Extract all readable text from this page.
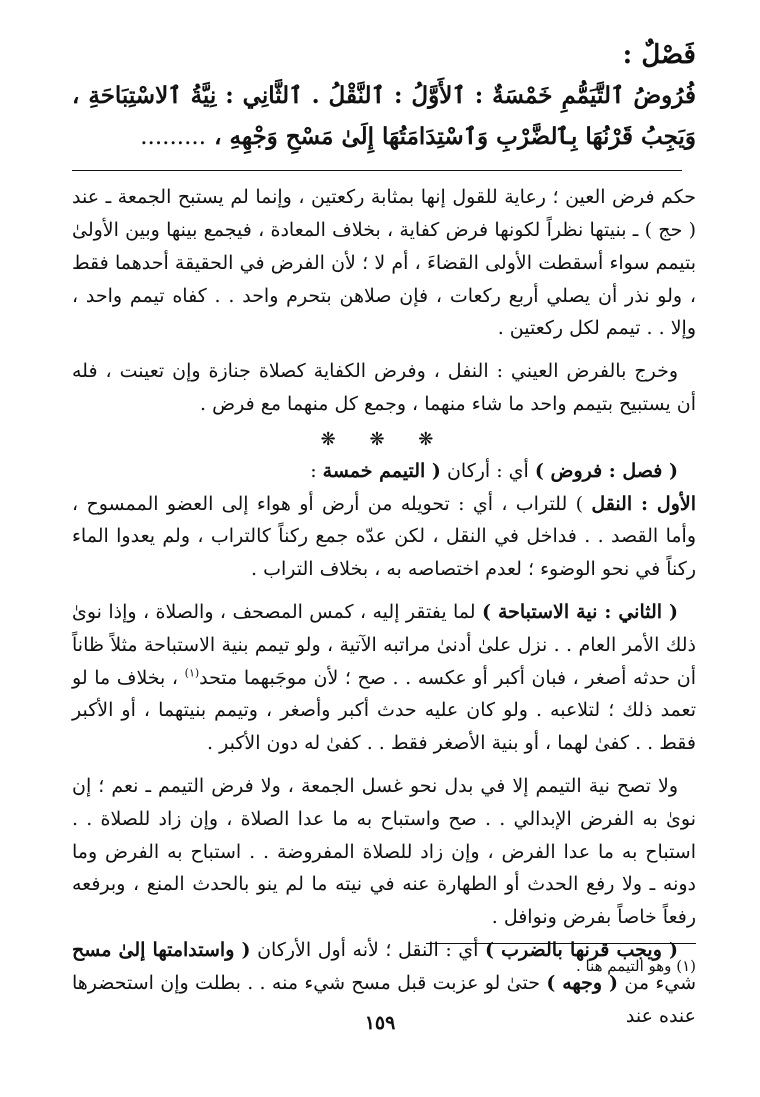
فَصْلٌ :
فُرُوضُ ٱلتَّيَمُّمِ خَمْسَةٌ : ٱلأَوَّلُ : ٱلنَّقْلُ . ٱلثَّانِي : نِيَّةُ ٱلاسْتِبَاحَةِ ، وَيَجِبُ قَرْنُهَا بِٱلضَّرْبِ وَٱسْتِدَامَتُهَا إِلَىٰ مَسْحِ وَجْهِهِ ، .........

حكم فرض العين ؛ رعاية للقول إنها بمثابة ركعتين ، وإنما لم يستبح الجمعة ـ عند ( حج ) ـ بنيتها نظراً لكونها فرض كفاية ، بخلاف المعادة ، فيجمع بينها وبين الأولىٰ بتيمم سواء أسقطت الأولى القضاءَ ، أم لا ؛ لأن الفرض في الحقيقة أحدهما فقط ، ولو نذر أن يصلي أربع ركعات ، فإن صلاهن بتحرم واحد . . كفاه تيمم واحد ، وإلا . . تيمم لكل ركعتين .

وخرج بالفرض العيني : النفل ، وفرض الكفاية كصلاة جنازة وإن تعينت ، فله أن يستبيح بتيمم واحد ما شاء منهما ، وجمع كل منهما مع فرض .

❋ ❋ ❋

( فصل : فروض ) أي : أركان ( التيمم خمسة :

الأول : النقل ) للتراب ، أي : تحويله من أرض أو هواء إلى العضو الممسوح ، وأما القصد . . فداخل في النقل ، لكن عدّه جمع ركناً كالتراب ، ولم يعدوا الماء ركناً في نحو الوضوء ؛ لعدم اختصاصه به ، بخلاف التراب .

( الثاني : نية الاستباحة ) لما يفتقر إليه ، كمس المصحف ، والصلاة ، وإذا نوىٰ ذلك الأمر العام . . نزل علىٰ أدنىٰ مراتبه الآتية ، ولو تيمم بنية الاستباحة مثلاً ظاناً أن حدثه أصغر ، فبان أكبر أو عكسه . . صح ؛ لأن موجَبهما متحد$^{(١)}$ ، بخلاف ما لو تعمد ذلك ؛ لتلاعبه . ولو كان عليه حدث أكبر وأصغر ، وتيمم بنيتهما ، أو الأكبر فقط . . كفىٰ لهما ، أو بنية الأصغر فقط . . كفىٰ له دون الأكبر .

ولا تصح نية التيمم إلا في بدل نحو غسل الجمعة ، ولا فرض التيمم ـ نعم ؛ إن نوىٰ به الفرض الإبدالي . . صح واستباح به ما عدا الصلاة ، وإن زاد للصلاة . . استباح به ما عدا الفرض ، وإن زاد للصلاة المفروضة . . استباح به الفرض وما دونه ـ ولا رفع الحدث أو الطهارة عنه في نيته ما لم ينو بالحدث المنع ، وبرفعه رفعاً خاصاً بفرض ونوافل .

( ويجب قرنها بالضرب ) أي : النقل ؛ لأنه أول الأركان ( واستدامتها إلىٰ مسح شيء من ( وجهه ) حتىٰ لو عزبت قبل مسح شيء منه . . بطلت وإن استحضرها عنده عند

(١) وهو التيمم هنا .
١٥٩
